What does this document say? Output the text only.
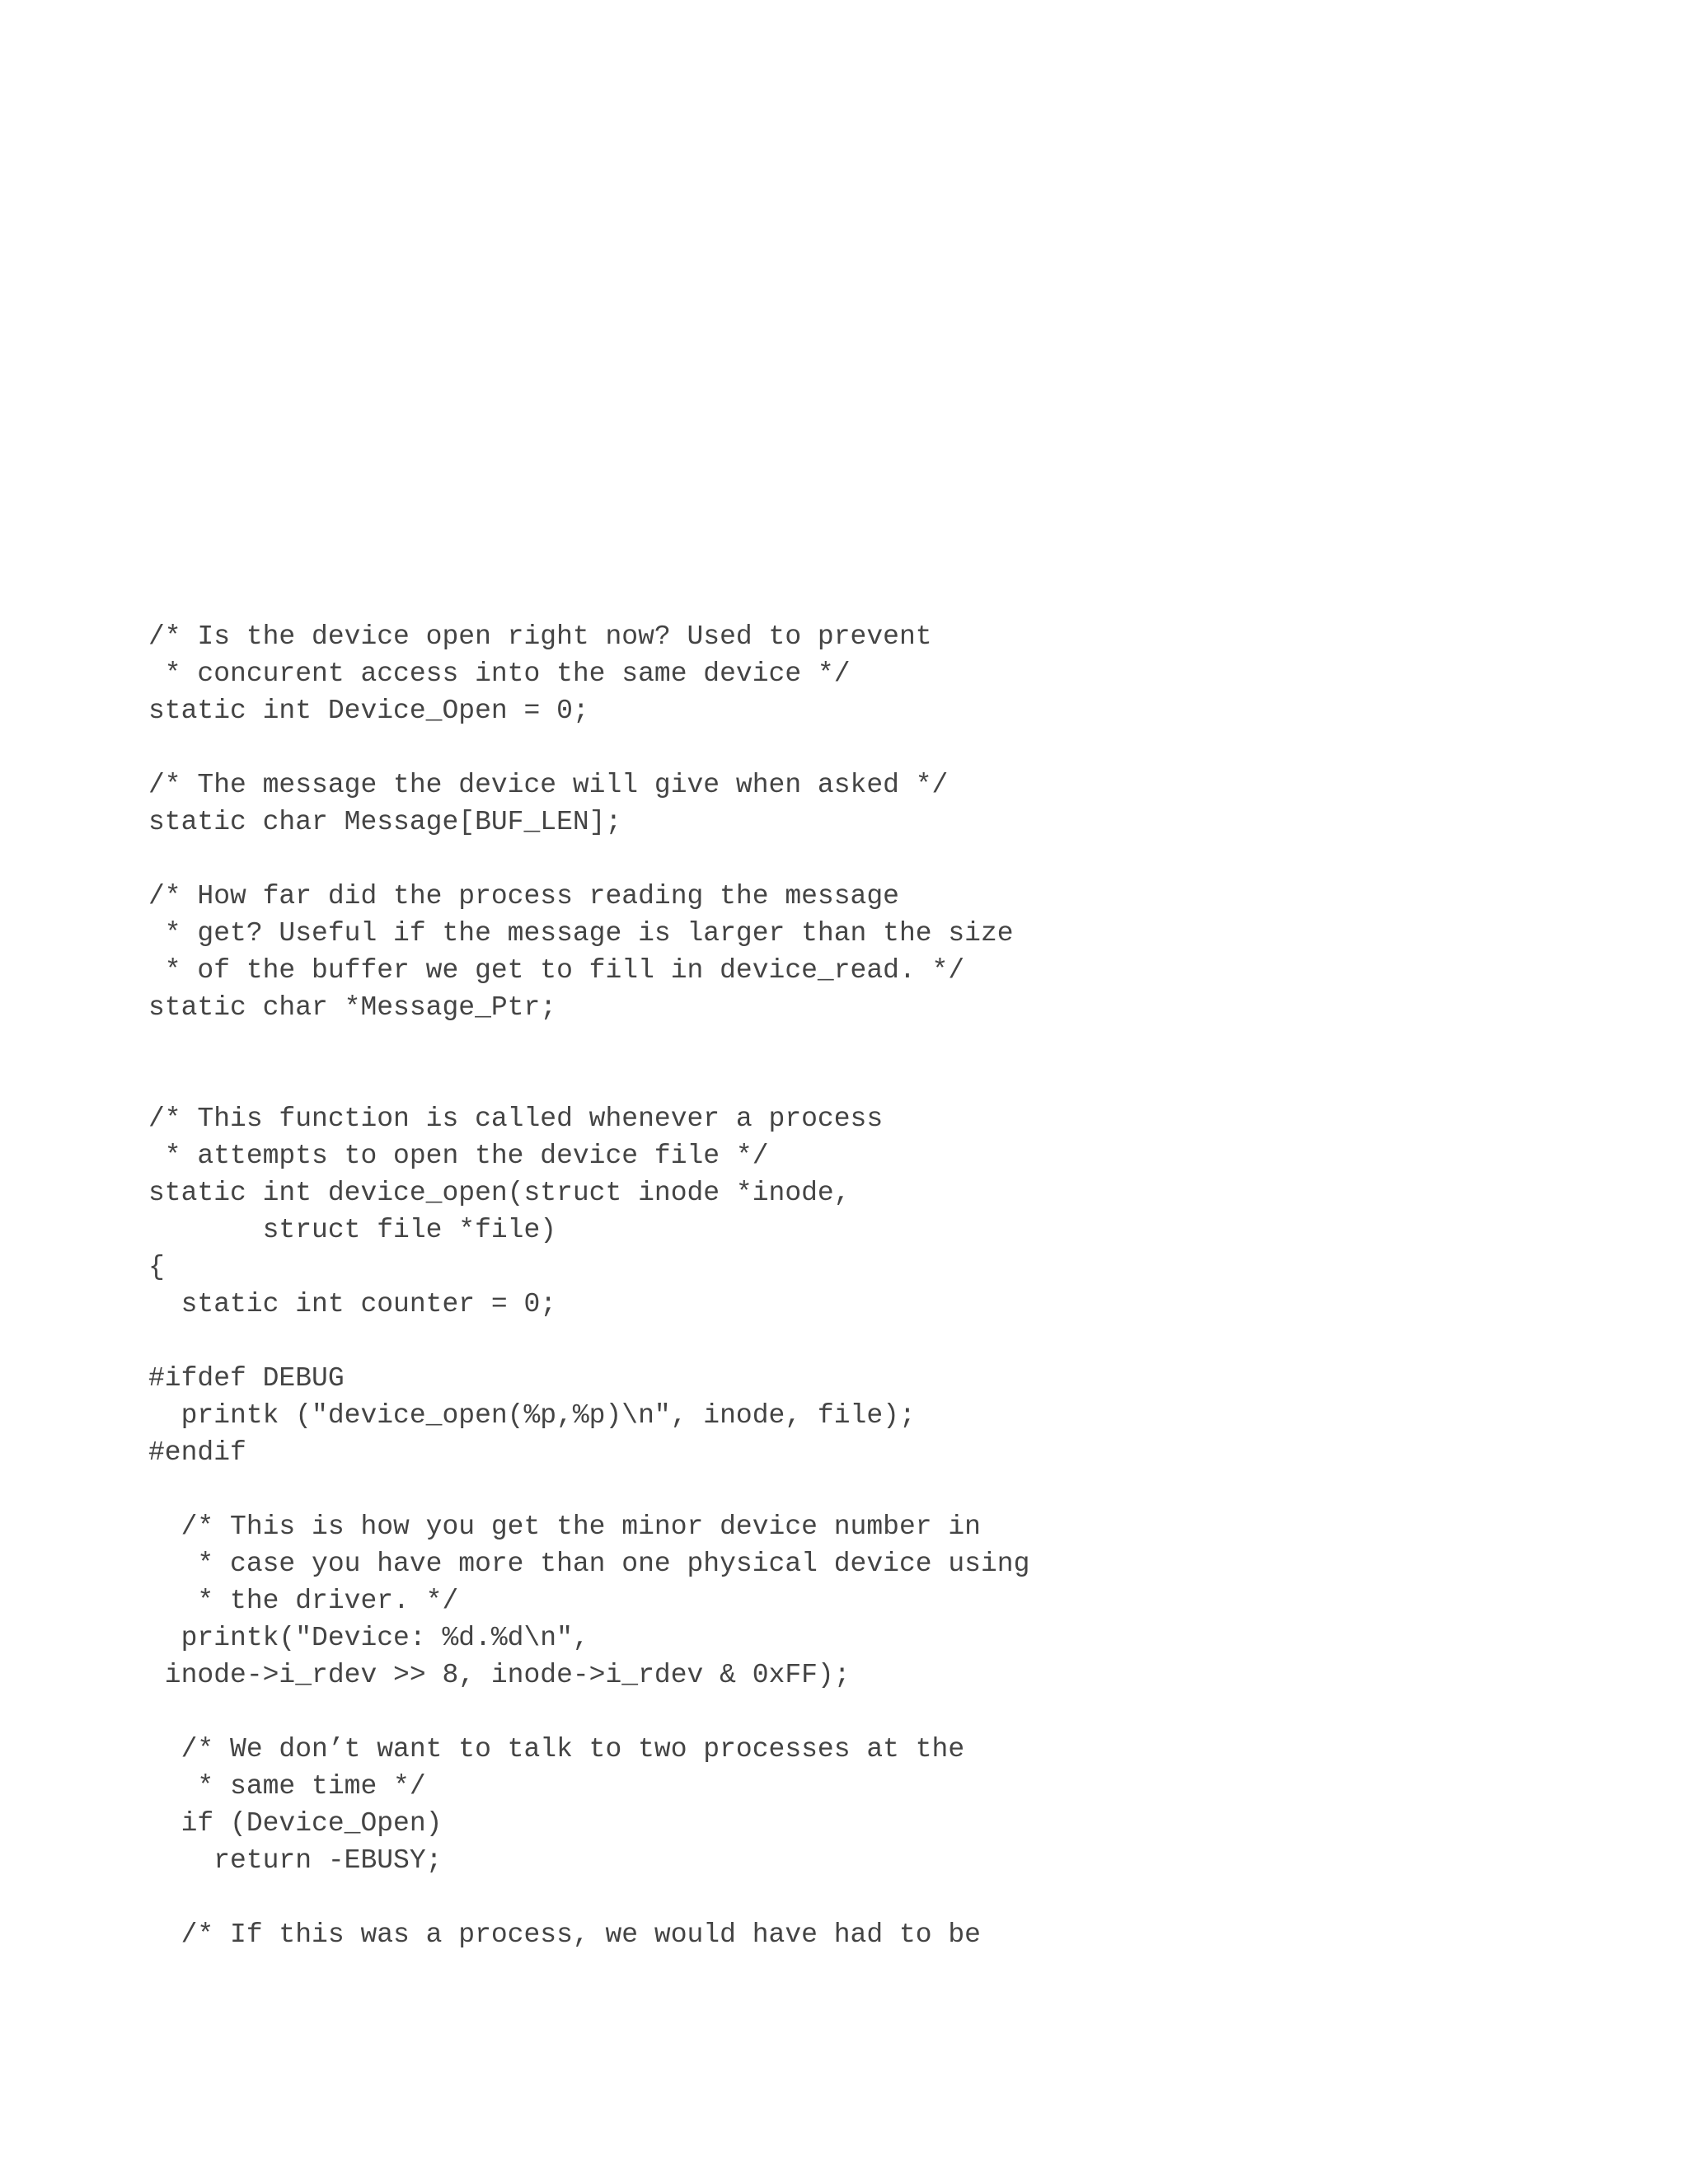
/* Is the device open right now? Used to prevent
* concurent access into the same device */
static int Device_Open = 0;
/* The message the device will give when asked */
static char Message[BUF_LEN];
/* How far did the process reading the message
* get? Useful if the message is larger than the size
* of the buffer we get to fill in device_read. */
static char *Message_Ptr;
/* This function is called whenever a process
* attempts to open the device file */
static int device_open(struct inode *inode,
struct file *file)
{
static int counter = 0;
#ifdef DEBUG
printk ("device_open(%p,%p)\n", inode, file);
#endif
/* This is how you get the minor device number in
* case you have more than one physical device using
* the driver. */
printk("Device: %d.%d\n",
inode->i_rdev >> 8, inode->i_rdev & 0xFF);
/* We don’t want to talk to two processes at the
* same time */
if (Device_Open)
return -EBUSY;
/* If this was a process, we would have had to be
